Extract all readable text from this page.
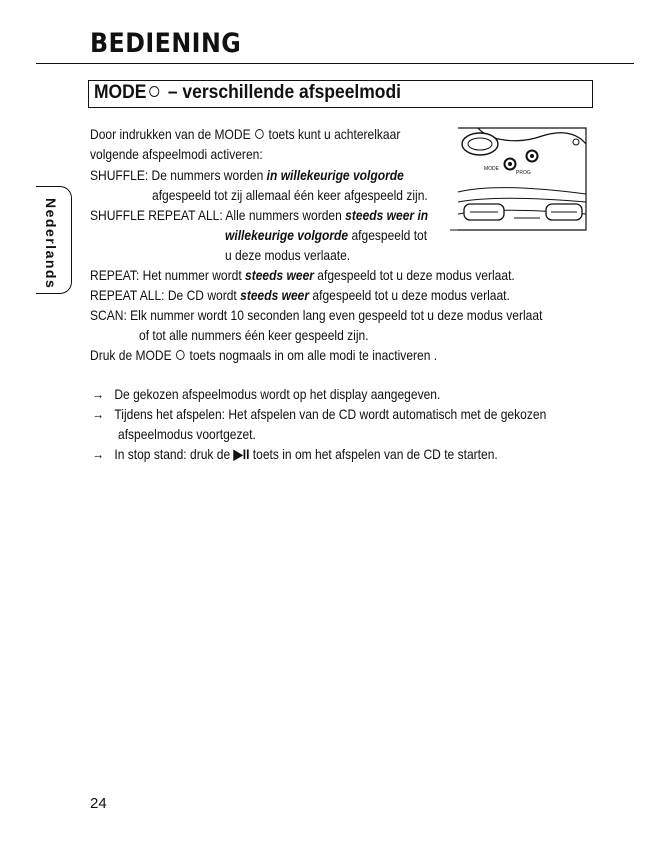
BEDIENING
MODE – verschillende afspeelmodi

Nederlands

MODE
PROG

Door indrukken van de MODE toets kunt u achterelkaar

volgende afspeelmodi activeren:

SHUFFLE: De nummers worden in willekeurige volgorde

afgespeeld tot zij allemaal één keer afgespeeld zijn.

SHUFFLE REPEAT ALL: Alle nummers worden steeds weer in

willekeurige volgorde afgespeeld tot

u deze modus verlaate.

REPEAT: Het nummer wordt steeds weer afgespeeld tot u deze modus verlaat.

REPEAT ALL: De CD wordt steeds weer afgespeeld tot u deze modus verlaat.

SCAN: Elk nummer wordt 10 seconden lang even gespeeld tot u deze modus verlaat

of tot alle nummers één keer gespeeld zijn.

Druk de MODE toets nogmaals in om alle modi te inactiveren .

→ De gekozen afspeelmodus wordt op het display aangegeven.

→ Tijdens het afspelen: Het afspelen van de CD wordt automatisch met de gekozen

afspeelmodus voortgezet.

→ In stop stand: druk de ▶II toets in om het afspelen van de CD te starten.

24
